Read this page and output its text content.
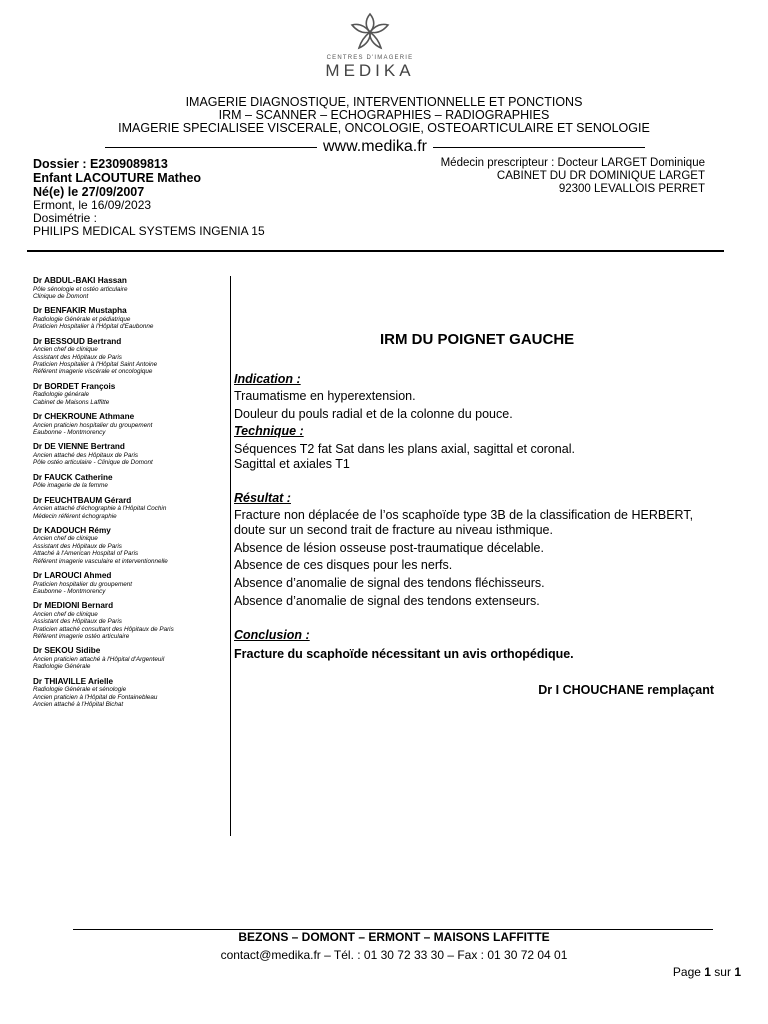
CENTRES D'IMAGERIE
MEDIKA
IMAGERIE DIAGNOSTIQUE, INTERVENTIONNELLE ET PONCTIONS
IRM – SCANNER – ECHOGRAPHIES – RADIOGRAPHIES
IMAGERIE SPECIALISEE VISCERALE, ONCOLOGIE, OSTEOARTICULAIRE ET SENOLOGIE
www.medika.fr
Dossier : E2309089813
Enfant LACOUTURE Matheo
Né(e) le 27/09/2007
Ermont, le 16/09/2023
Dosimétrie :
PHILIPS MEDICAL SYSTEMS INGENIA 15
Médecin prescripteur : Docteur LARGET Dominique
CABINET DU DR DOMINIQUE LARGET
92300 LEVALLOIS PERRET
Dr ABDUL-BAKI Hassan
Pôle sénologie et ostéo articulaire
Clinique de Domont
Dr BENFAKIR Mustapha
Radiologie Générale et pédiatrique
Praticien Hospitalier à l'Hôpital d'Eaubonne
Dr BESSOUD Bertrand
Ancien chef de clinique
Assistant des Hôpitaux de Paris
Praticien Hospitalier à l'Hôpital Saint Antoine
Référent imagerie viscérale et oncologique
Dr BORDET François
Radiologie générale
Cabinet de Maisons Laffitte
Dr CHEKROUNE Athmane
Ancien praticien hospitalier du groupement
Eaubonne - Montmorency
Dr DE VIENNE Bertrand
Ancien attaché des Hôpitaux de Paris
Pôle ostéo articulaire - Clinique de Domont
Dr FAUCK Catherine
Pôle imagerie de la femme
Dr FEUCHTBAUM Gérard
Ancien attaché d'échographie à l'Hôpital Cochin
Médecin référent échographie
Dr KADOUCH Rémy
Ancien chef de clinique
Assistant des Hôpitaux de Paris
Attaché à l'American Hospital of Paris
Référent imagerie vasculaire et interventionnelle
Dr LAROUCI Ahmed
Praticien hospitalier du groupement
Eaubonne - Montmorency
Dr MEDIONI Bernard
Ancien chef de clinique
Assistant des Hôpitaux de Paris
Praticien attaché consultant des Hôpitaux de Paris
Référent imagerie ostéo articulaire
Dr SEKOU Sidibe
Ancien praticien attaché à l'Hôpital d'Argenteuil
Radiologie Générale
Dr THIAVILLE Arielle
Radiologie Générale et sénologie
Ancien praticien à l'Hôpital de Fontainebleau
Ancien attaché à l'Hôpital Bichat
IRM DU POIGNET GAUCHE
Indication :
Traumatisme en hyperextension.
Douleur du pouls radial et de la colonne du pouce.
Technique :
Séquences T2 fat Sat dans les plans axial, sagittal et coronal.
Sagittal et axiales T1
Résultat :
Fracture non déplacée de l’os scaphoïde type 3B de la classification de HERBERT,
doute sur un second trait de fracture au niveau isthmique.
Absence de lésion osseuse post-traumatique décelable.
Absence de ces disques pour les nerfs.
Absence d’anomalie de signal des tendons fléchisseurs.
Absence d’anomalie de signal des tendons extenseurs.
Conclusion :
Fracture du scaphoïde nécessitant un avis orthopédique.
Dr I CHOUCHANE remplaçant
BEZONS – DOMONT – ERMONT – MAISONS LAFFITTE
contact@medika.fr – Tél. : 01 30 72 33 30 – Fax : 01 30 72 04 01
Page 1 sur 1
